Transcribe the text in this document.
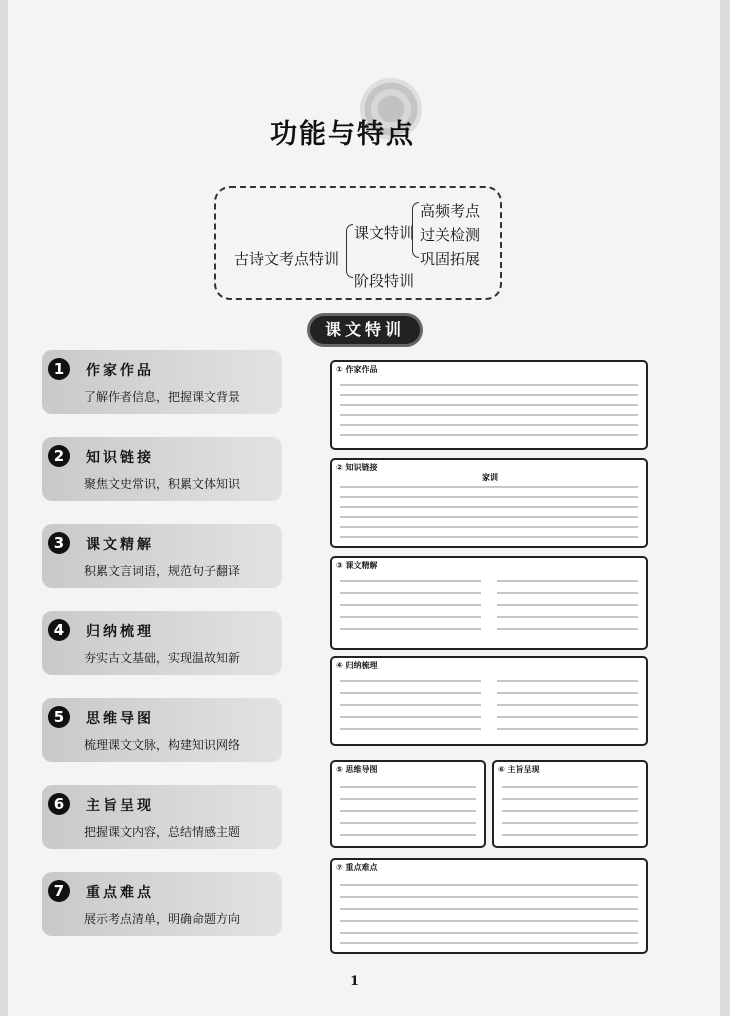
功能与特点
古诗文考点特训
课文特训
阶段特训
高频考点
过关检测
巩固拓展
课文特训
1	作家作品
了解作者信息，把握课文背景
2	知识链接
聚焦文史常识，积累文体知识
3	课文精解
积累文言词语，规范句子翻译
4	归纳梳理
夯实古文基础，实现温故知新
5	思维导图
梳理课文文脉，构建知识网络
6	主旨呈现
把握课文内容，总结情感主题
7	重点难点
展示考点清单，明确命题方向
① 作家作品
② 知识链接
家训
③ 课文精解
④ 归纳梳理
⑤ 思维导图	⑥ 主旨呈现
⑦ 重点难点
1
